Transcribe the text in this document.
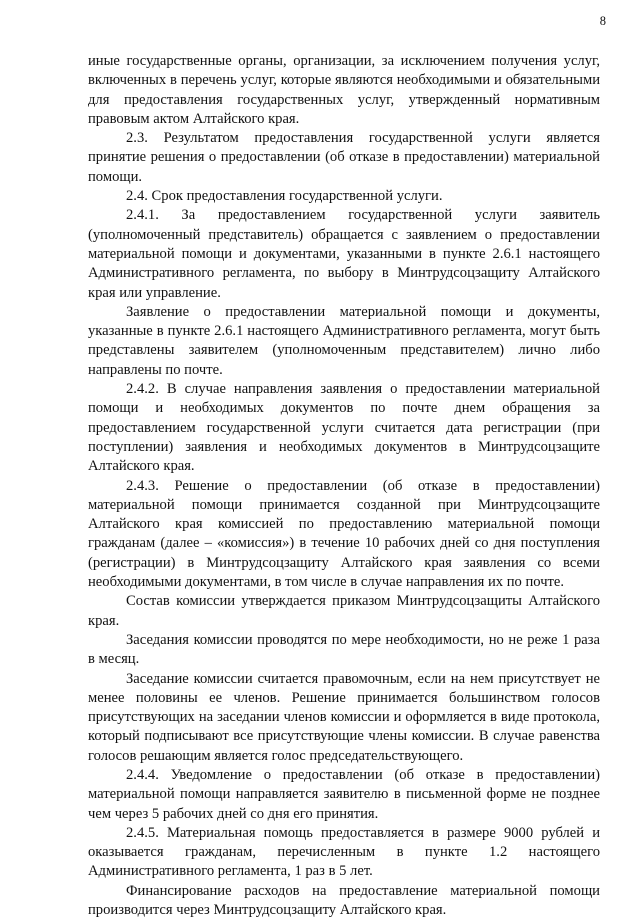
8

иные государственные органы, организации, за исключением получения услуг, включенных в перечень услуг, которые являются необходимыми и обязательными для предоставления государственных услуг, утвержденный нормативным правовым актом Алтайского края.

2.3. Результатом предоставления государственной услуги является принятие решения о предоставлении (об отказе в предоставлении) материальной помощи.

2.4. Срок предоставления государственной услуги.

2.4.1. За предоставлением государственной услуги заявитель (уполномоченный представитель) обращается с заявлением о предоставлении материальной помощи и документами, указанными в пункте 2.6.1 настоящего Административного регламента, по выбору в Минтрудсоцзащиту Алтайского края или управление.

Заявление о предоставлении материальной помощи и документы, указанные в пункте 2.6.1 настоящего Административного регламента, могут быть представлены заявителем (уполномоченным представителем) лично либо направлены по почте.

2.4.2. В случае направления заявления о предоставлении материальной помощи и необходимых документов по почте днем обращения за предоставлением государственной услуги считается дата регистрации (при поступлении) заявления и необходимых документов в Минтрудсоцзащите Алтайского края.

2.4.3. Решение о предоставлении (об отказе в предоставлении) материальной помощи принимается созданной при Минтрудсоцзащите Алтайского края комиссией по предоставлению материальной помощи гражданам (далее – «комиссия») в течение 10 рабочих дней со дня поступления (регистрации) в Минтрудсоцзащиту Алтайского края заявления со всеми необходимыми документами, в том числе в случае направления их по почте.

Состав комиссии утверждается приказом Минтрудсоцзащиты Алтайского края.

Заседания комиссии проводятся по мере необходимости, но не реже 1 раза в месяц.

Заседание комиссии считается правомочным, если на нем присутствует не менее половины ее членов. Решение принимается большинством голосов присутствующих на заседании членов комиссии и оформляется в виде протокола, который подписывают все присутствующие члены комиссии. В случае равенства голосов решающим является голос председательствующего.

2.4.4. Уведомление о предоставлении (об отказе в предоставлении) материальной помощи направляется заявителю в письменной форме не позднее чем через 5 рабочих дней со дня его принятия.

2.4.5. Материальная помощь предоставляется в размере 9000 рублей и оказывается гражданам, перечисленным в пункте 1.2 настоящего Административного регламента, 1 раз в 5 лет.

Финансирование расходов на предоставление материальной помощи производится через Минтрудсоцзащиту Алтайского края.
